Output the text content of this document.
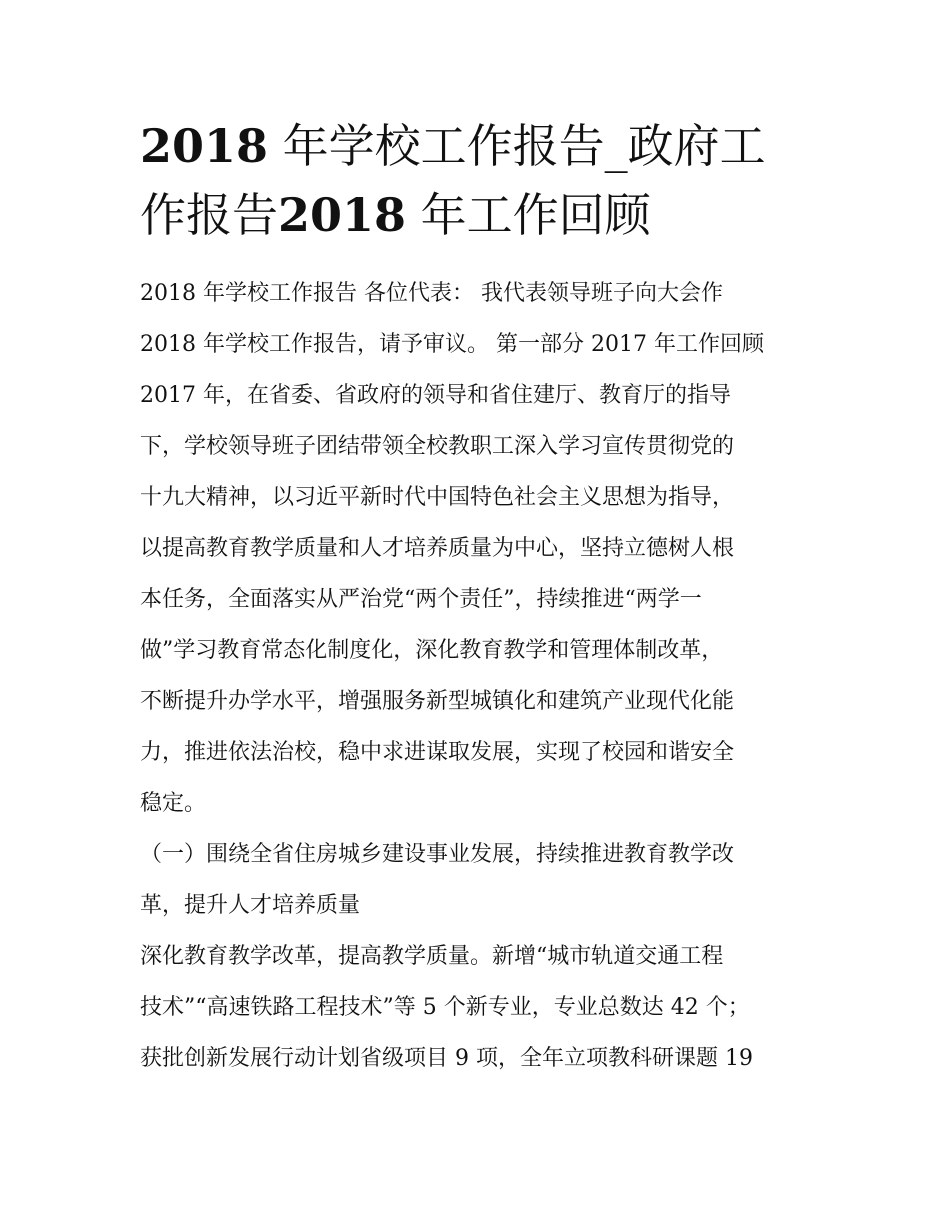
2018 年学校工作报告_政府工
作报告2018 年工作回顾
2018 年学校工作报告 各位代表： 我代表领导班子向大会作
2018 年学校工作报告，请予审议。 第一部分 2017 年工作回顾
2017 年，在省委、省政府的领导和省住建厅、教育厅的指导
下，学校领导班子团结带领全校教职工深入学习宣传贯彻党的
十九大精神，以习近平新时代中国特色社会主义思想为指导，
以提高教育教学质量和人才培养质量为中心，坚持立德树人根
本任务，全面落实从严治党“两个责任”，持续推进“两学一
做”学习教育常态化制度化，深化教育教学和管理体制改革，
不断提升办学水平，增强服务新型城镇化和建筑产业现代化能
力，推进依法治校，稳中求进谋取发展，实现了校园和谐安全
稳定。
（一）围绕全省住房城乡建设事业发展，持续推进教育教学改
革，提升人才培养质量
深化教育教学改革，提高教学质量。新增“城市轨道交通工程
技术”“高速铁路工程技术”等 5 个新专业，专业总数达 42 个；
获批创新发展行动计划省级项目 9 项，全年立项教科研课题 19
